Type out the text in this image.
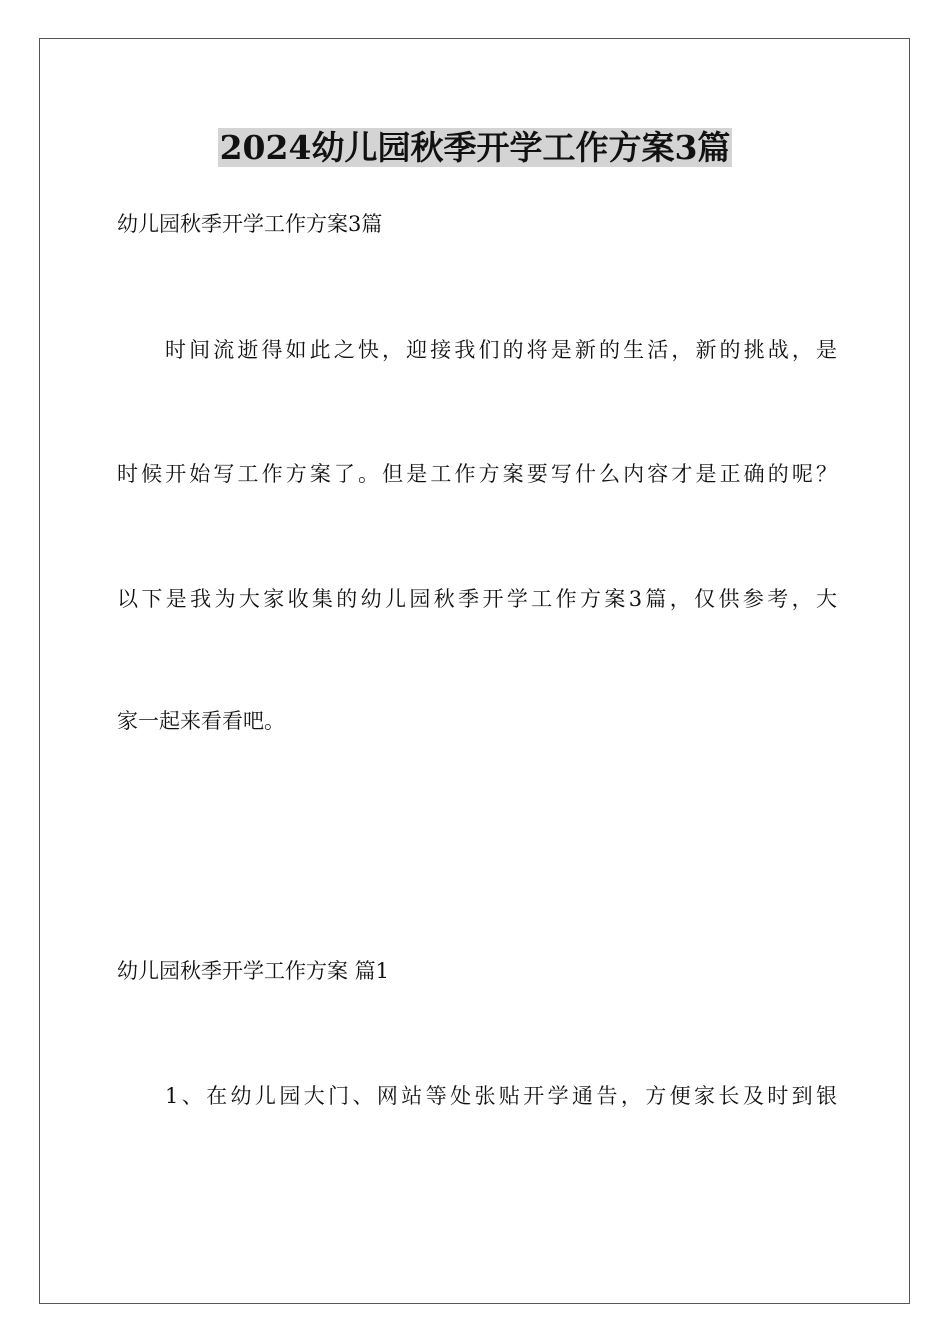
2024幼儿园秋季开学工作方案3篇
幼儿园秋季开学工作方案3篇
时间流逝得如此之快，迎接我们的将是新的生活，新的挑战，是
时候开始写工作方案了。但是工作方案要写什么内容才是正确的呢？
以下是我为大家收集的幼儿园秋季开学工作方案3篇，仅供参考，大
家一起来看看吧。
幼儿园秋季开学工作方案 篇1
1、在幼儿园大门、网站等处张贴开学通告，方便家长及时到银
